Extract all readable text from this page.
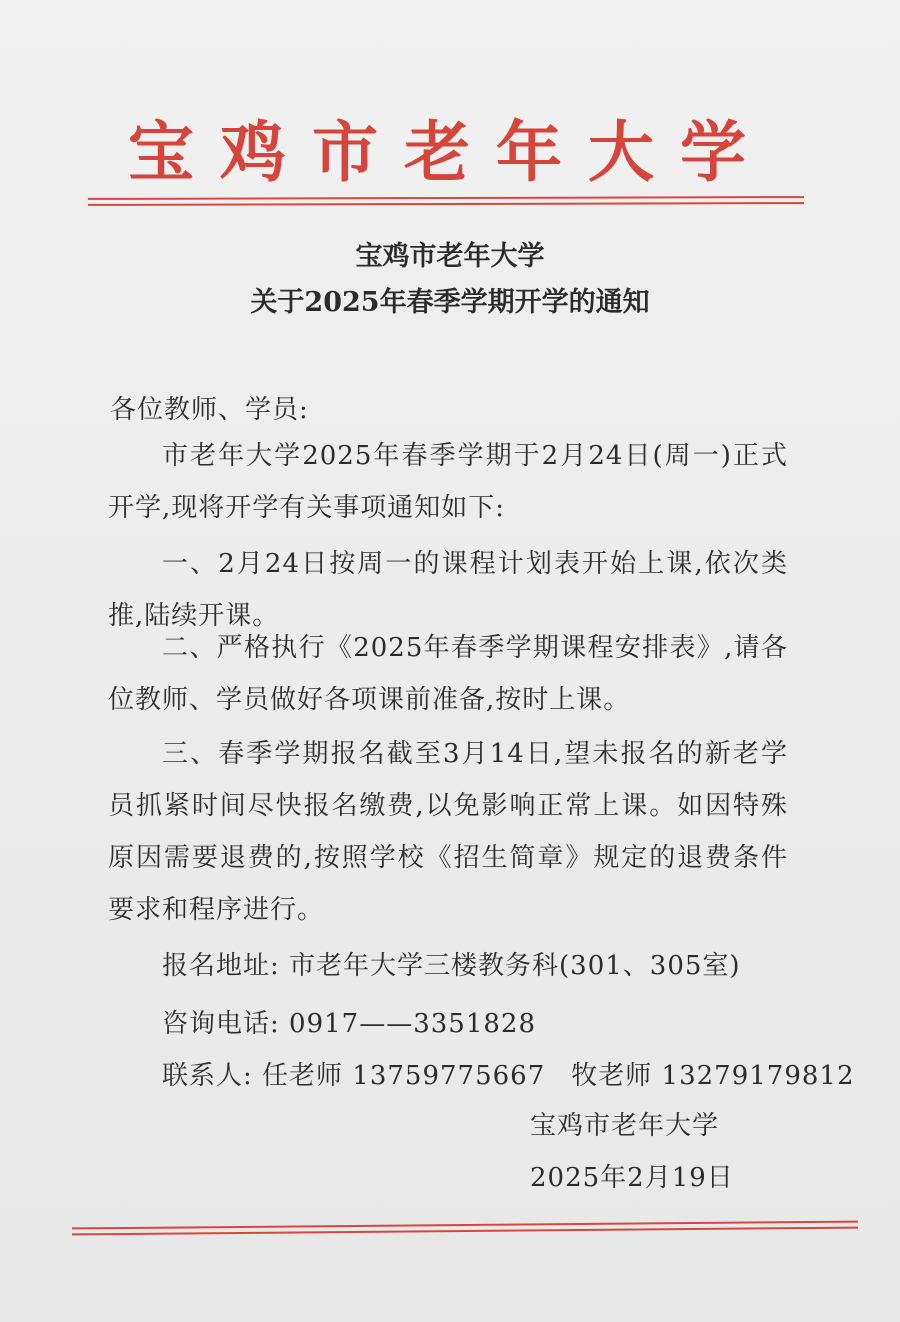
宝鸡市老年大学
宝鸡市老年大学
关于2025年春季学期开学的通知
各位教师、学员:
市老年大学2025年春季学期于2月24日(周一)正式开学,现将开学有关事项通知如下:
一、2月24日按周一的课程计划表开始上课,依次类推,陆续开课。
二、严格执行《2025年春季学期课程安排表》,请各位教师、学员做好各项课前准备,按时上课。
三、春季学期报名截至3月14日,望未报名的新老学员抓紧时间尽快报名缴费,以免影响正常上课。如因特殊原因需要退费的,按照学校《招生简章》规定的退费条件要求和程序进行。
报名地址: 市老年大学三楼教务科(301、305室)
咨询电话: 0917——3351828
联系人: 任老师 13759775667 牧老师 13279179812
宝鸡市老年大学
2025年2月19日
